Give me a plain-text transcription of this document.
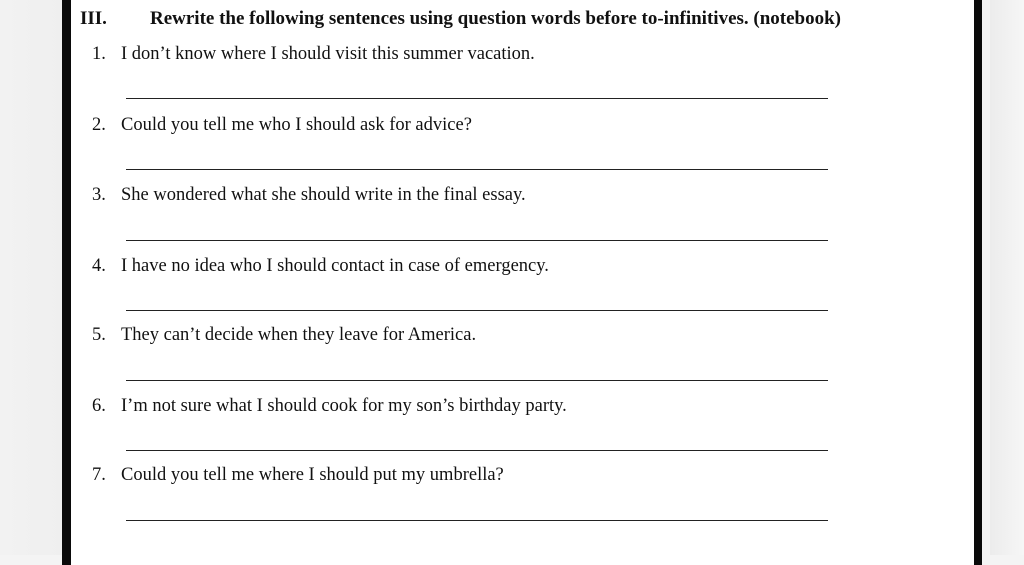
III. Rewrite the following sentences using question words before to-infinitives. (notebook)
1. I don’t know where I should visit this summer vacation.
2. Could you tell me who I should ask for advice?
3. She wondered what she should write in the final essay.
4. I have no idea who I should contact in case of emergency.
5. They can’t decide when they leave for America.
6. I’m not sure what I should cook for my son’s birthday party.
7. Could you tell me where I should put my umbrella?
